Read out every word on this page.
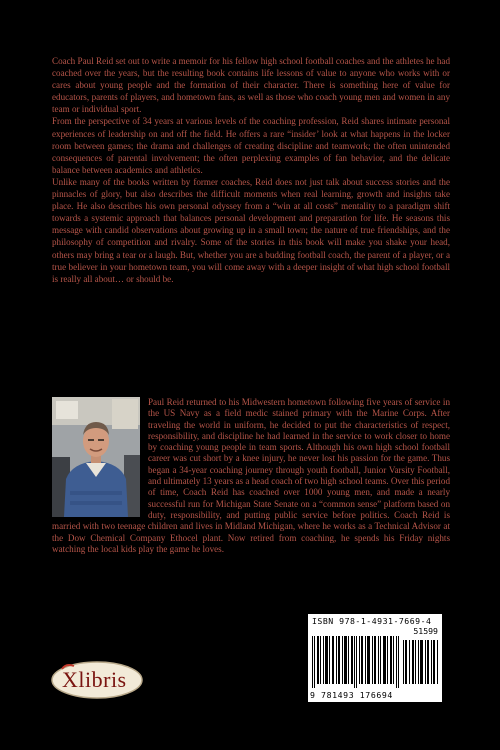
Coach Paul Reid set out to write a memoir for his fellow high school football coaches and the athletes he had coached over the years, but the resulting book contains life lessons of value to anyone who works with or cares about young people and the formation of their character. There is something here of value for educators, parents of players, and hometown fans, as well as those who coach young men and women in any team or individual sport.

From the perspective of 34 years at various levels of the coaching profession, Reid shares intimate personal experiences of leadership on and off the field. He offers a rare “insider’ look at what happens in the locker room between games; the drama and challenges of creating discipline and teamwork; the often unintended consequences of parental involvement; the often perplexing examples of fan behavior, and the delicate balance between academics and athletics.

Unlike many of the books written by former coaches, Reid does not just talk about success stories and the pinnacles of glory, but also describes the difficult moments when real learning, growth and insights take place. He also describes his own personal odyssey from a “win at all costs” mentality to a paradigm shift towards a systemic approach that balances personal development and preparation for life. He seasons this message with candid observations about growing up in a small town; the nature of true friendships, and the philosophy of competition and rivalry. Some of the stories in this book will make you shake your head, others may bring a tear or a laugh. But, whether you are a budding football coach, the parent of a player, or a true believer in your hometown team, you will come away with a deeper insight of what high school football is really all about… or should be.

Paul Reid returned to his Midwestern hometown following five years of service in the US Navy as a field medic stained primary with the Marine Corps. After traveling the world in uniform, he decided to put the characteristics of respect, responsibility, and discipline he had learned in the service to work closer to home by coaching young people in team sports. Although his own high school football career was cut short by a knee injury, he never lost his passion for the game. Thus began a 34-year coaching journey through youth football, Junior Varsity Football, and ultimately 13 years as a head coach of two high school teams. Over this period of time, Coach Reid has coached over 1000 young men, and made a nearly successful run for Michigan State Senate on a “common sense” platform based on duty, responsibility, and putting public service before politics. Coach Reid is married with two teenage children and lives in Midland Michigan, where he works as a Technical Advisor at the Dow Chemical Company Ethocel plant. Now retired from coaching, he spends his Friday nights watching the local kids play the game he loves.

ISBN 978-1-4931-7669-4
51599
9 781493 176694
Xlibris
